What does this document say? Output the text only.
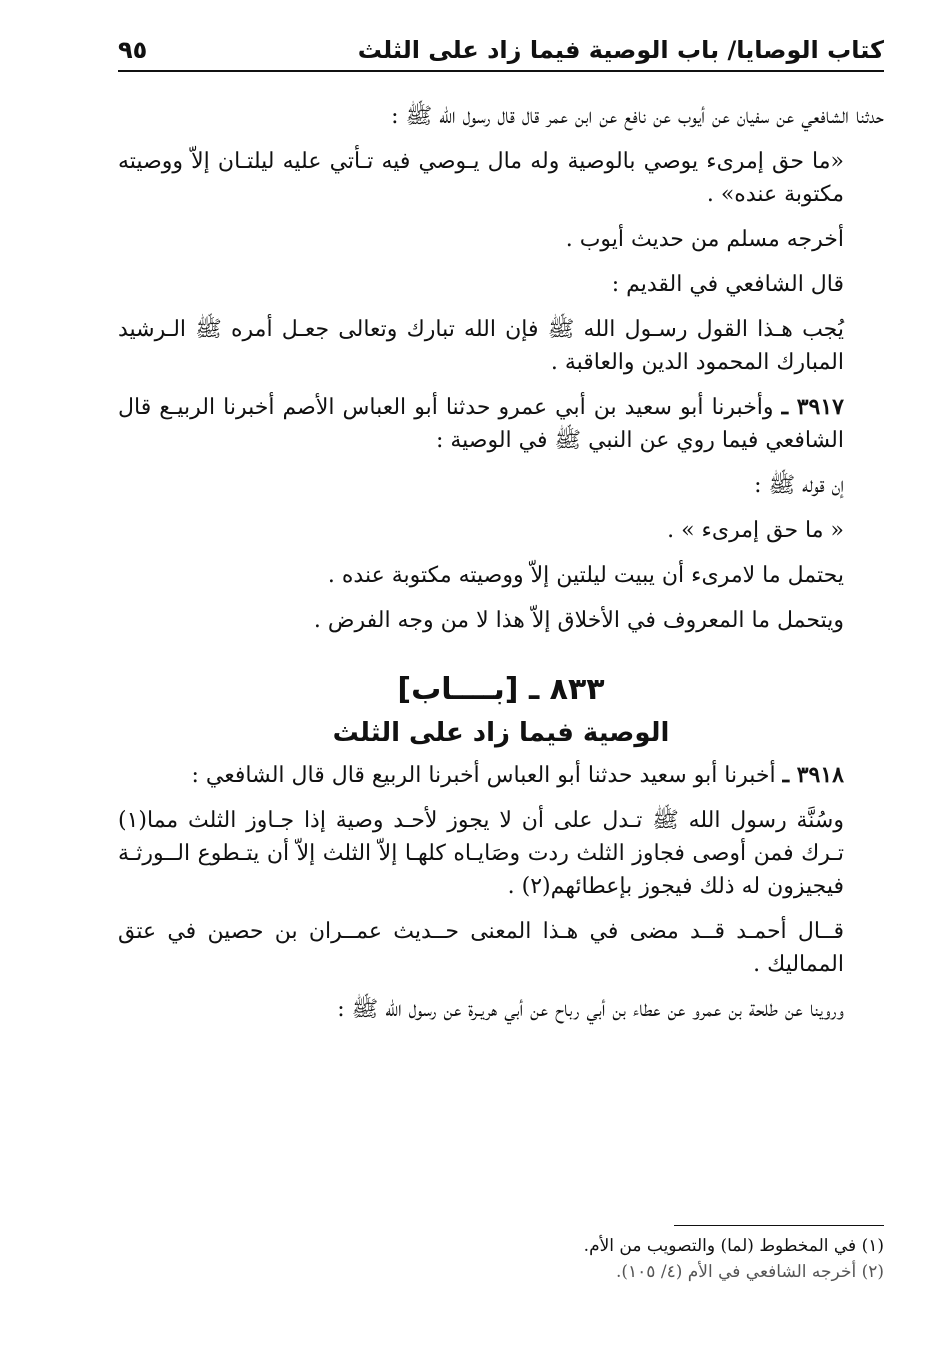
كتاب الوصايا/ باب الوصية فيما زاد على الثلث
٩٥

حدثنا الشافعي عن سفيان عن أيوب عن نافع عن ابن عمر قال قال رسول الله ﷺ :

«ما حق إمرىء يوصي بالوصية وله مال يـوصي فيه تـأتي عليه ليلتـان إلاّ ووصيته مكتوبة عنده» .

أخرجه مسلم من حديث أيوب .

قال الشافعي في القديم :

يُجب هـذا القول رسـول الله ﷺ فإن الله تبارك وتعالى جعـل أمره ﷺ الـرشيد المبارك المحمود الدين والعاقبة .

٣٩١٧ ـ وأخبرنا أبو سعيد بن أبي عمرو حدثنا أبو العباس الأصم أخبرنا الربيـع قال الشافعي فيما روي عن النبي ﷺ في الوصية :

إن قوله ﷺ :

« ما حق إمرىء » .

يحتمل ما لامرىء أن يبيت ليلتين إلاّ ووصيته مكتوبة عنده .

ويتحمل ما المعروف في الأخلاق إلاّ هذا لا من وجه الفرض .

٨٣٣ ـ [بــــاب]
الوصية فيما زاد على الثلث

٣٩١٨ ـ أخبرنا أبو سعيد حدثنا أبو العباس أخبرنا الربيع قال قال الشافعي :

وسُنَّة رسول الله ﷺ تـدل على أن لا يجوز لأحـد وصية إذا جـاوز الثلث مما(١) تـرك فمن أوصى فجاوز الثلث ردت وصَايـاه كلهـا إلاّ الثلث إلاّ أن يتـطوع الــورثـة فيجيزون له ذلك فيجوز بإعطائهم(٢) .

قــال أحمـد قــد مضى في هـذا المعنى حــديث عمــران بن حصين في عتق المماليك .

وروينا عن طلحة بن عمرو عن عطاء بن أبي رباح عن أبي هريـرة عن رسول الله ﷺ :

(١) في المخطوط (لما) والتصويب من الأم.
(٢) أخرجه الشافعي في الأم (٤/ ١٠٥).
